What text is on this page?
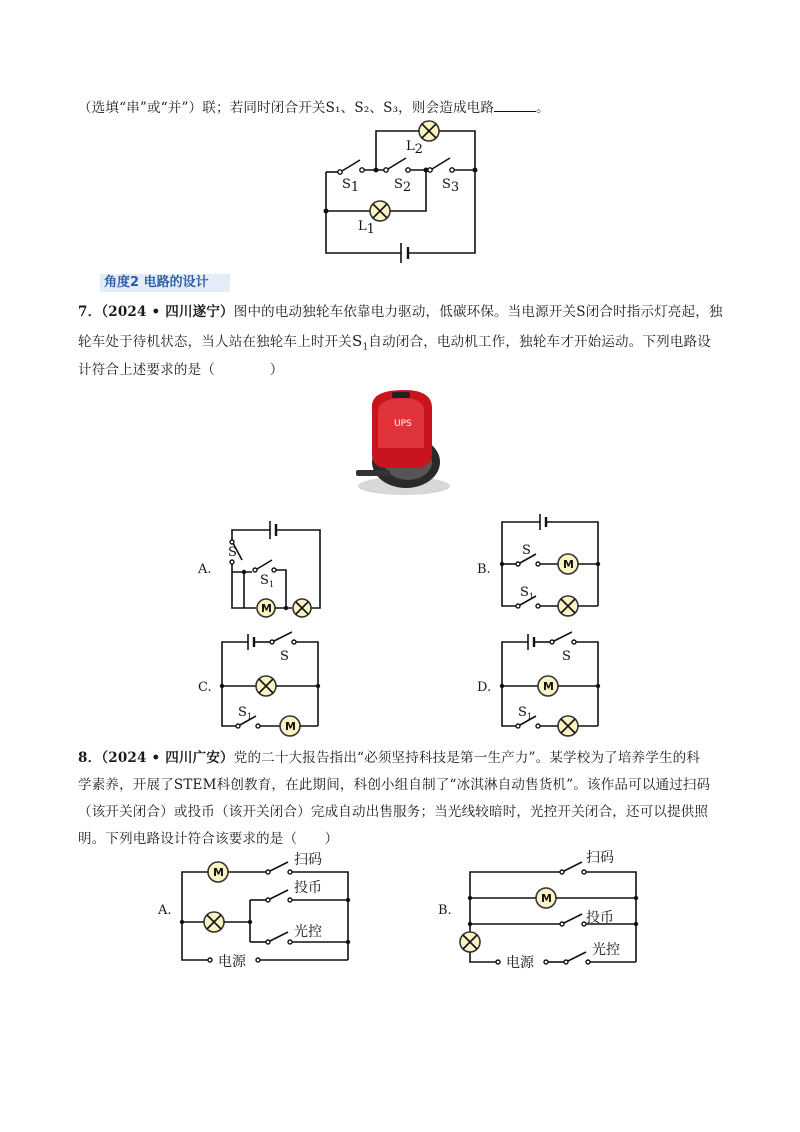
（选填“串”或“并”）联；若同时闭合开关S₁、S₂、S₃，则会造成电路	。
L2
S1	S2 S3
L1
角度2 电路的设计
7．（2024 • 四川遂宁）图中的电动独轮车依靠电力驱动，低碳环保。当电源开关S闭合时指示灯亮起，独
轮车处于待机状态，当人站在独轮车上时开关$S_1$自动闭合，电动机工作，独轮车才开始运动。下列电路设
计符合上述要求的是（　　　　）
UPS
A.
S
S 1
M
B.
S
M
S 1
C.
S
S 1
M
D.
S
M
S 1
8．（2024 • 四川广安）党的二十大报告指出“必须坚持科技是第一生产力”。某学校为了培养学生的科
学素养，开展了STEM科创教育，在此期间，科创小组自制了“冰淇淋自动售货机”。该作品可以通过扫码
（该开关闭合）或投币（该开关闭合）完成自动出售服务；当光线较暗时，光控开关闭合，还可以提供照
明。下列电路设计符合该要求的是（　　）
A.
M
扫码
投币
光控
电源
B.
扫码
M
投币
电源
光控
